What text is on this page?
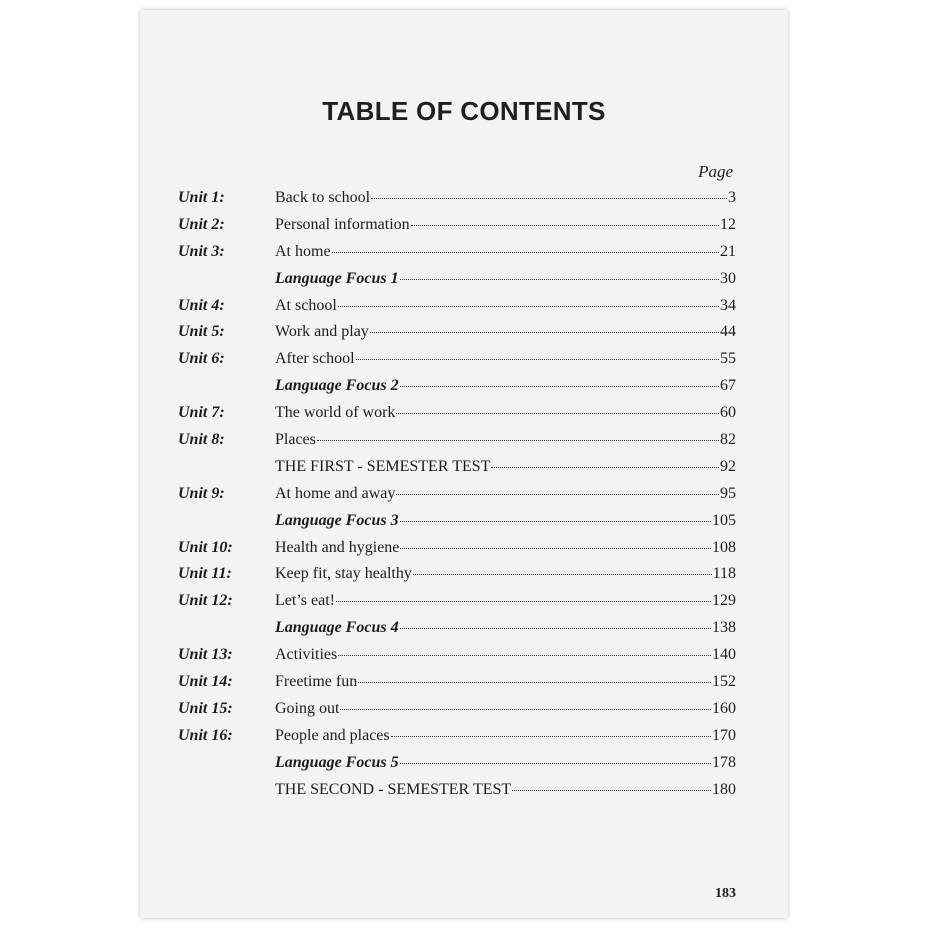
TABLE OF CONTENTS
Page
Unit 1:	Back to school	3
Unit 2:	Personal information	12
Unit 3:	At home	21
Language Focus 1	30
Unit 4:	At school	34
Unit 5:	Work and play	44
Unit 6:	After school	55
Language Focus 2	67
Unit 7:	The world of work	60
Unit 8:	Places	82
THE FIRST - SEMESTER TEST	92
Unit 9:	At home and away	95
Language Focus 3	105
Unit 10:	Health and hygiene	108
Unit 11:	Keep fit, stay healthy	118
Unit 12:	Let’s eat!	129
Language Focus 4	138
Unit 13:	Activities	140
Unit 14:	Freetime fun	152
Unit 15:	Going out	160
Unit 16:	People and places	170
Language Focus 5	178
THE SECOND - SEMESTER TEST	180
183
